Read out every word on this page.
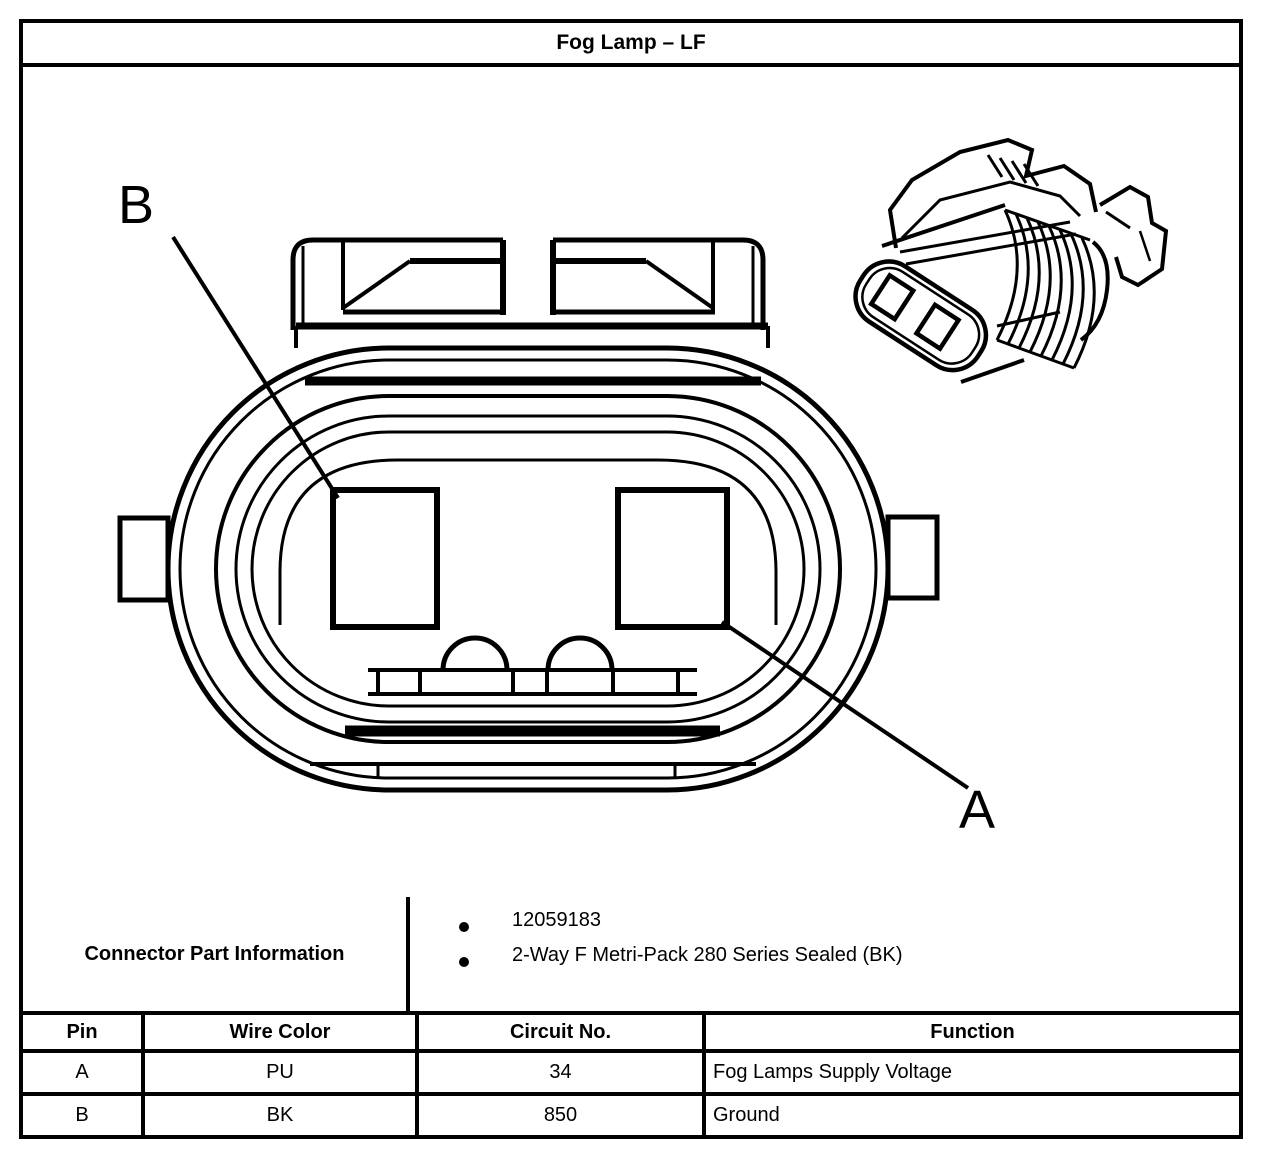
Fog Lamp – LF
B
A
Connector Part Information
12059183
2-Way F Metri-Pack 280 Series Sealed (BK)
Pin	Wire Color	Circuit No.	Function
A	PU	34	Fog Lamps Supply Voltage
B	BK	850	Ground
